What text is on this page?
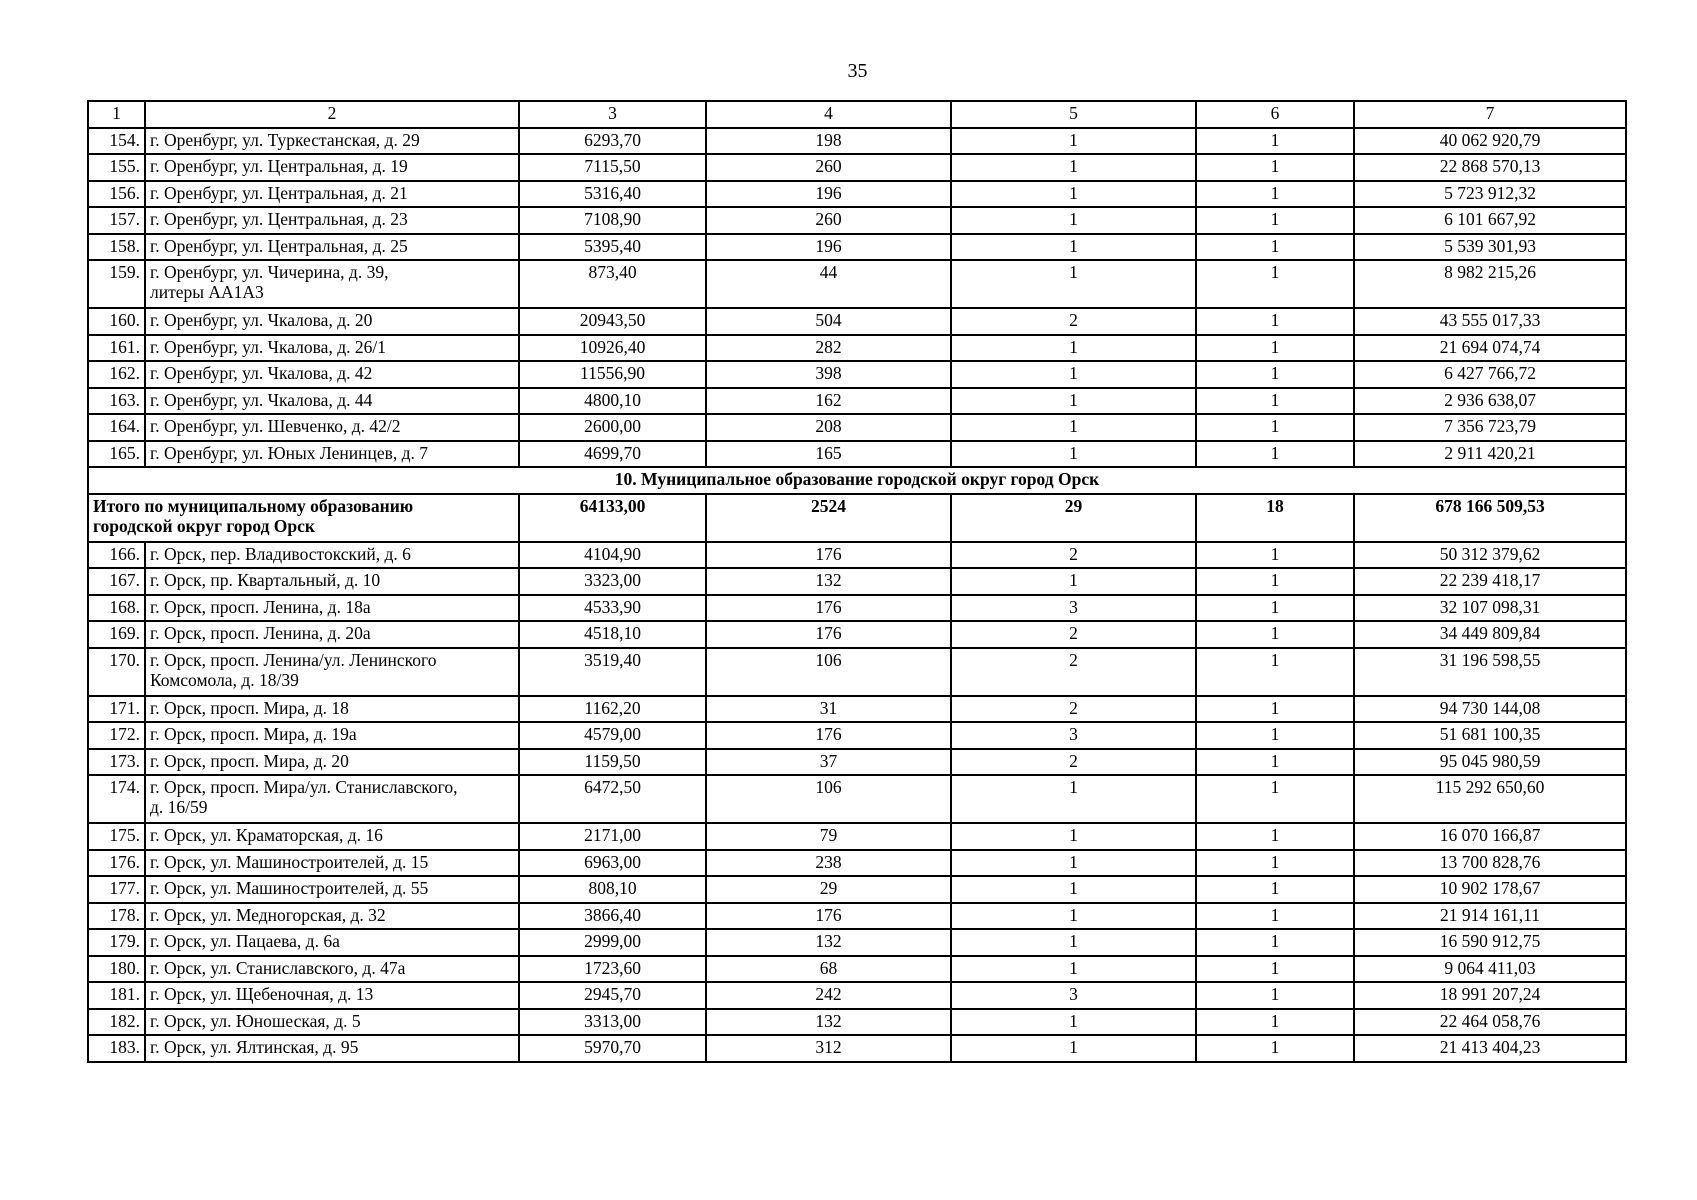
35
1	2	3	4	5	6	7
154.	г. Оренбург, ул. Туркестанская, д. 29	6293,70	198	1	1	40 062 920,79
155.	г. Оренбург, ул. Центральная, д. 19	7115,50	260	1	1	22 868 570,13
156.	г. Оренбург, ул. Центральная, д. 21	5316,40	196	1	1	5 723 912,32
157.	г. Оренбург, ул. Центральная, д. 23	7108,90	260	1	1	6 101 667,92
158.	г. Оренбург, ул. Центральная, д. 25	5395,40	196	1	1	5 539 301,93
159.	г. Оренбург, ул. Чичерина, д. 39,
литеры АА1А3	873,40	44	1	1	8 982 215,26
160.	г. Оренбург, ул. Чкалова, д. 20	20943,50	504	2	1	43 555 017,33
161.	г. Оренбург, ул. Чкалова, д. 26/1	10926,40	282	1	1	21 694 074,74
162.	г. Оренбург, ул. Чкалова, д. 42	11556,90	398	1	1	6 427 766,72
163.	г. Оренбург, ул. Чкалова, д. 44	4800,10	162	1	1	2 936 638,07
164.	г. Оренбург, ул. Шевченко, д. 42/2	2600,00	208	1	1	7 356 723,79
165.	г. Оренбург, ул. Юных Ленинцев, д. 7	4699,70	165	1	1	2 911 420,21
10. Муниципальное образование городской округ город Орск						

Итого по муниципальному образованию
городской округ город Орск		64133,00	2524	29	18	678 166 509,53
166.	г. Орск, пер. Владивостокский, д. 6	4104,90	176	2	1	50 312 379,62
167.	г. Орск, пр. Квартальный, д. 10	3323,00	132	1	1	22 239 418,17
168.	г. Орск, просп. Ленина, д. 18а	4533,90	176	3	1	32 107 098,31
169.	г. Орск, просп. Ленина, д. 20а	4518,10	176	2	1	34 449 809,84
170.	г. Орск, просп. Ленина/ул. Ленинского
Комсомола, д. 18/39	3519,40	106	2	1	31 196 598,55
171.	г. Орск, просп. Мира, д. 18	1162,20	31	2	1	94 730 144,08
172.	г. Орск, просп. Мира, д. 19а	4579,00	176	3	1	51 681 100,35
173.	г. Орск, просп. Мира, д. 20	1159,50	37	2	1	95 045 980,59
174.	г. Орск, просп. Мира/ул. Станиславского,
д. 16/59	6472,50	106	1	1	115 292 650,60
175.	г. Орск, ул. Краматорская, д. 16	2171,00	79	1	1	16 070 166,87
176.	г. Орск, ул. Машиностроителей, д. 15	6963,00	238	1	1	13 700 828,76
177.	г. Орск, ул. Машиностроителей, д. 55	808,10	29	1	1	10 902 178,67
178.	г. Орск, ул. Медногорская, д. 32	3866,40	176	1	1	21 914 161,11
179.	г. Орск, ул. Пацаева, д. 6а	2999,00	132	1	1	16 590 912,75
180.	г. Орск, ул. Станиславского, д. 47а	1723,60	68	1	1	9 064 411,03
181.	г. Орск, ул. Щебеночная, д. 13	2945,70	242	3	1	18 991 207,24
182.	г. Орск, ул. Юношеская, д. 5	3313,00	132	1	1	22 464 058,76
183.	г. Орск, ул. Ялтинская, д. 95	5970,70	312	1	1	21 413 404,23
